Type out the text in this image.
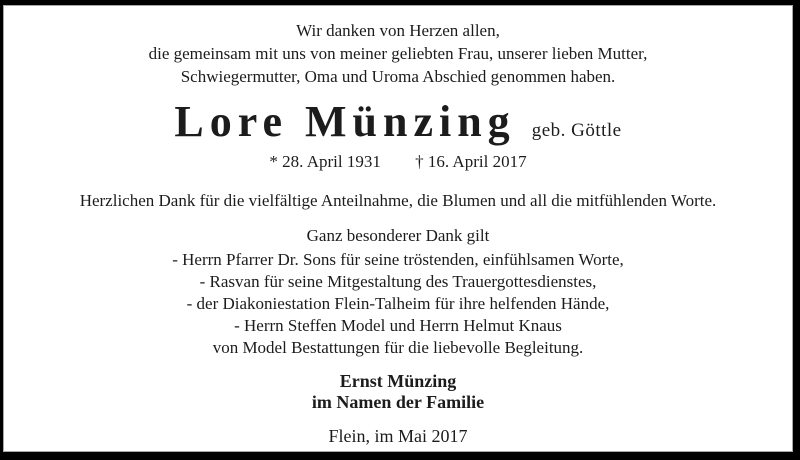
Wir danken von Herzen allen,
die gemeinsam mit uns von meiner geliebten Frau, unserer lieben Mutter,
Schwiegermutter, Oma und Uroma Abschied genommen haben.
Lore Münzing geb. Göttle
* 28. April 1931 † 16. April 2017
Herzlichen Dank für die vielfältige Anteilnahme, die Blumen und all die mitfühlenden Worte.
Ganz besonderer Dank gilt
- Herrn Pfarrer Dr. Sons für seine tröstenden, einfühlsamen Worte,
- Rasvan für seine Mitgestaltung des Trauergottesdienstes,
- der Diakoniestation Flein-Talheim für ihre helfenden Hände,
- Herrn Steffen Model und Herrn Helmut Knaus
von Model Bestattungen für die liebevolle Begleitung.
Ernst Münzing
im Namen der Familie
Flein, im Mai 2017
